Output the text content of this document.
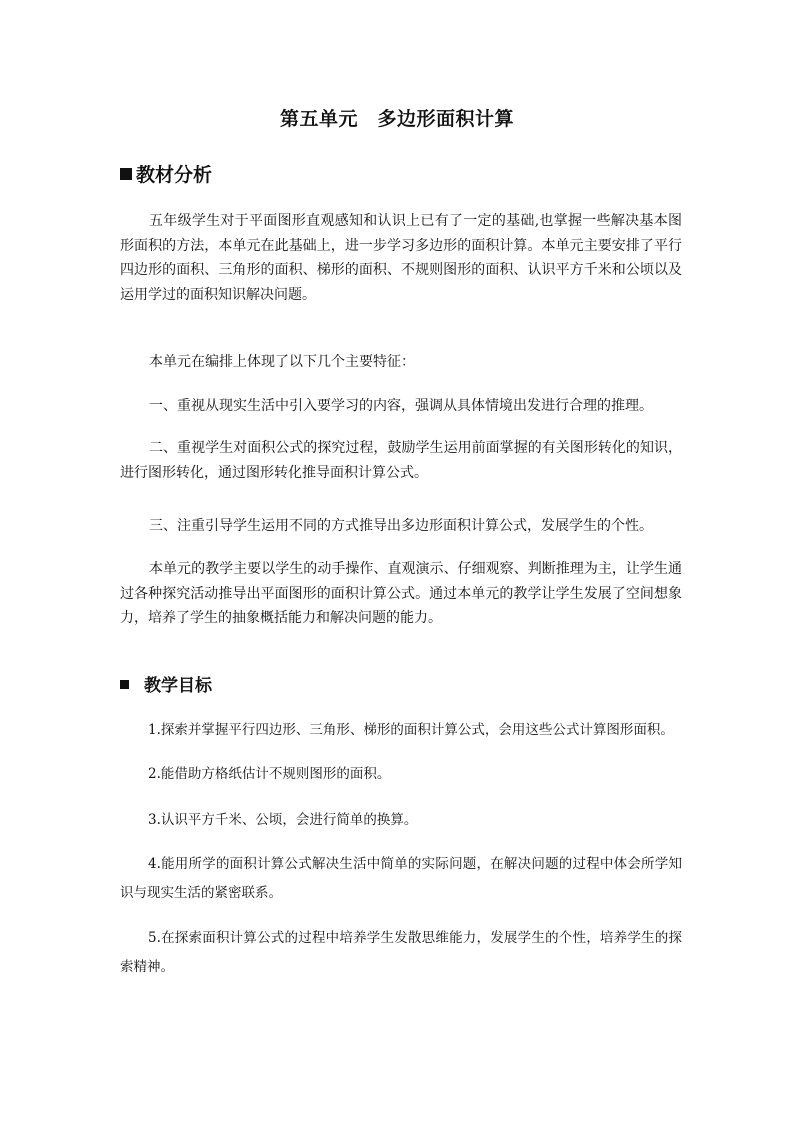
第五单元　多边形面积计算
教材分析
五年级学生对于平面图形直观感知和认识上已有了一定的基础,也掌握一些解决基本图形面积的方法，本单元在此基础上，进一步学习多边形的面积计算。本单元主要安排了平行四边形的面积、三角形的面积、梯形的面积、不规则图形的面积、认识平方千米和公顷以及运用学过的面积知识解决问题。
本单元在编排上体现了以下几个主要特征：
一、重视从现实生活中引入要学习的内容，强调从具体情境出发进行合理的推理。
二、重视学生对面积公式的探究过程，鼓励学生运用前面掌握的有关图形转化的知识，进行图形转化，通过图形转化推导面积计算公式。
三、注重引导学生运用不同的方式推导出多边形面积计算公式，发展学生的个性。
本单元的教学主要以学生的动手操作、直观演示、仔细观察、判断推理为主，让学生通过各种探究活动推导出平面图形的面积计算公式。通过本单元的教学让学生发展了空间想象力，培养了学生的抽象概括能力和解决问题的能力。
教学目标
1.探索并掌握平行四边形、三角形、梯形的面积计算公式，会用这些公式计算图形面积。
2.能借助方格纸估计不规则图形的面积。
3.认识平方千米、公顷，会进行简单的换算。
4.能用所学的面积计算公式解决生活中简单的实际问题，在解决问题的过程中体会所学知识与现实生活的紧密联系。
5.在探索面积计算公式的过程中培养学生发散思维能力，发展学生的个性，培养学生的探索精神。
